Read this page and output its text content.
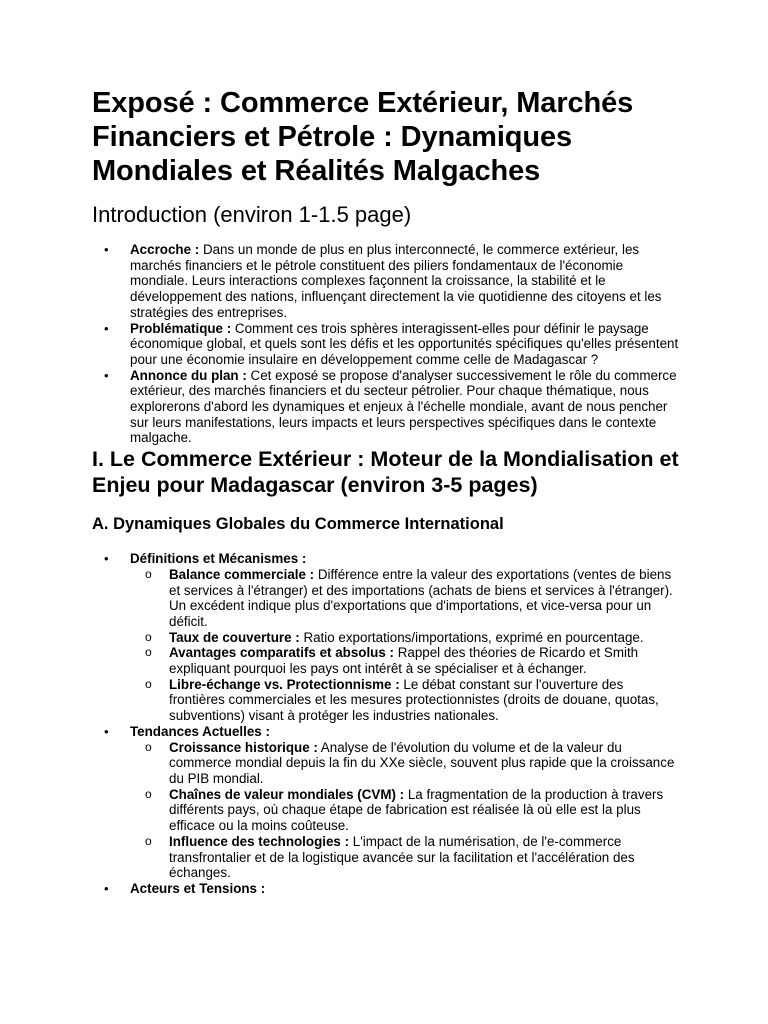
Exposé : Commerce Extérieur, Marchés Financiers et Pétrole : Dynamiques Mondiales et Réalités Malgaches
Introduction (environ 1-1.5 page)
• Accroche : Dans un monde de plus en plus interconnecté, le commerce extérieur, les marchés financiers et le pétrole constituent des piliers fondamentaux de l'économie mondiale. Leurs interactions complexes façonnent la croissance, la stabilité et le développement des nations, influençant directement la vie quotidienne des citoyens et les stratégies des entreprises.
• Problématique : Comment ces trois sphères interagissent-elles pour définir le paysage économique global, et quels sont les défis et les opportunités spécifiques qu'elles présentent pour une économie insulaire en développement comme celle de Madagascar ?
• Annonce du plan : Cet exposé se propose d'analyser successivement le rôle du commerce extérieur, des marchés financiers et du secteur pétrolier. Pour chaque thématique, nous explorerons d'abord les dynamiques et enjeux à l'échelle mondiale, avant de nous pencher sur leurs manifestations, leurs impacts et leurs perspectives spécifiques dans le contexte malgache.
I. Le Commerce Extérieur : Moteur de la Mondialisation et Enjeu pour Madagascar (environ 3-5 pages)
A. Dynamiques Globales du Commerce International
• Définitions et Mécanismes :
o Balance commerciale : Différence entre la valeur des exportations (ventes de biens et services à l'étranger) et des importations (achats de biens et services à l'étranger). Un excédent indique plus d'exportations que d'importations, et vice-versa pour un déficit.
o Taux de couverture : Ratio exportations/importations, exprimé en pourcentage.
o Avantages comparatifs et absolus : Rappel des théories de Ricardo et Smith expliquant pourquoi les pays ont intérêt à se spécialiser et à échanger.
o Libre-échange vs. Protectionnisme : Le débat constant sur l'ouverture des frontières commerciales et les mesures protectionnistes (droits de douane, quotas, subventions) visant à protéger les industries nationales.
• Tendances Actuelles :
o Croissance historique : Analyse de l'évolution du volume et de la valeur du commerce mondial depuis la fin du XXe siècle, souvent plus rapide que la croissance du PIB mondial.
o Chaînes de valeur mondiales (CVM) : La fragmentation de la production à travers différents pays, où chaque étape de fabrication est réalisée là où elle est la plus efficace ou la moins coûteuse.
o Influence des technologies : L'impact de la numérisation, de l'e-commerce transfrontalier et de la logistique avancée sur la facilitation et l'accélération des échanges.
• Acteurs et Tensions :
